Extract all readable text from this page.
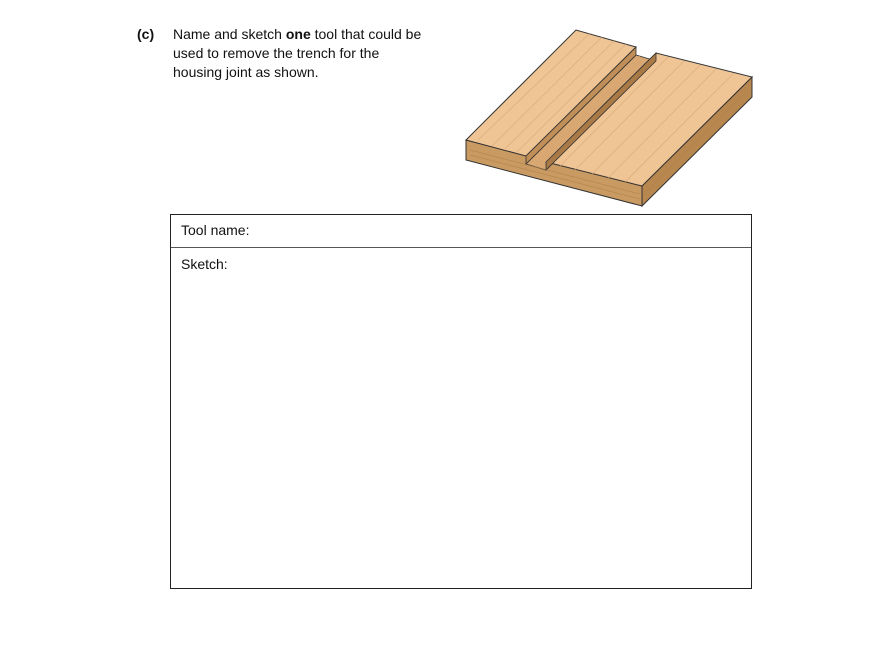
(c) Name and sketch one tool that could be used to remove the trench for the housing joint as shown.
Tool name:
Sketch:
